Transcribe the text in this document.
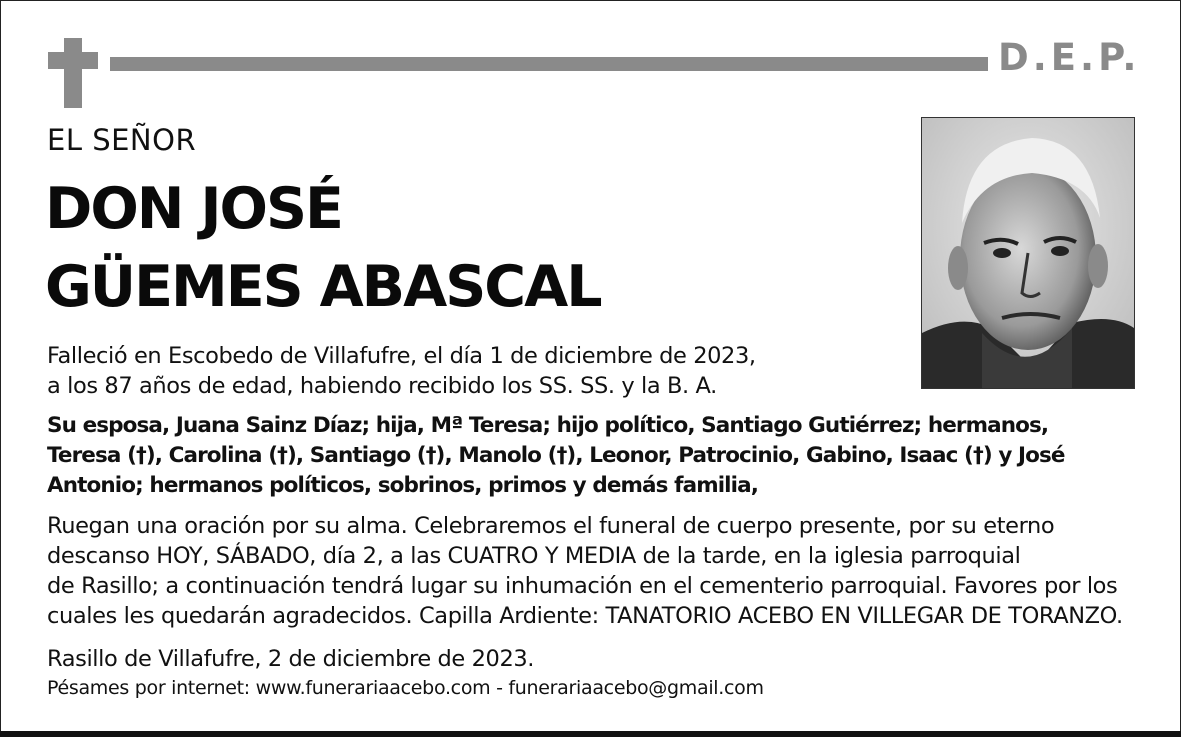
D.E.P.
EL SEÑOR
DON JOSÉ
GÜEMES ABASCAL
Falleció en Escobedo de Villafufre, el día 1 de diciembre de 2023,
a los 87 años de edad, habiendo recibido los SS. SS. y la B. A.
Su esposa, Juana Sainz Díaz; hija, Mª Teresa; hijo político, Santiago Gutiérrez; hermanos,
Teresa (†), Carolina (†), Santiago (†), Manolo (†), Leonor, Patrocinio, Gabino, Isaac (†) y José
Antonio; hermanos políticos, sobrinos, primos y demás familia,
Ruegan una oración por su alma. Celebraremos el funeral de cuerpo presente, por su eterno
descanso HOY, SÁBADO, día 2, a las CUATRO Y MEDIA de la tarde, en la iglesia parroquial
de Rasillo; a continuación tendrá lugar su inhumación en el cementerio parroquial. Favores por los
cuales les quedarán agradecidos. Capilla Ardiente: TANATORIO ACEBO EN VILLEGAR DE TORANZO.
Rasillo de Villafufre, 2 de diciembre de 2023.
Pésames por internet: www.funerariaacebo.com - funerariaacebo@gmail.com
